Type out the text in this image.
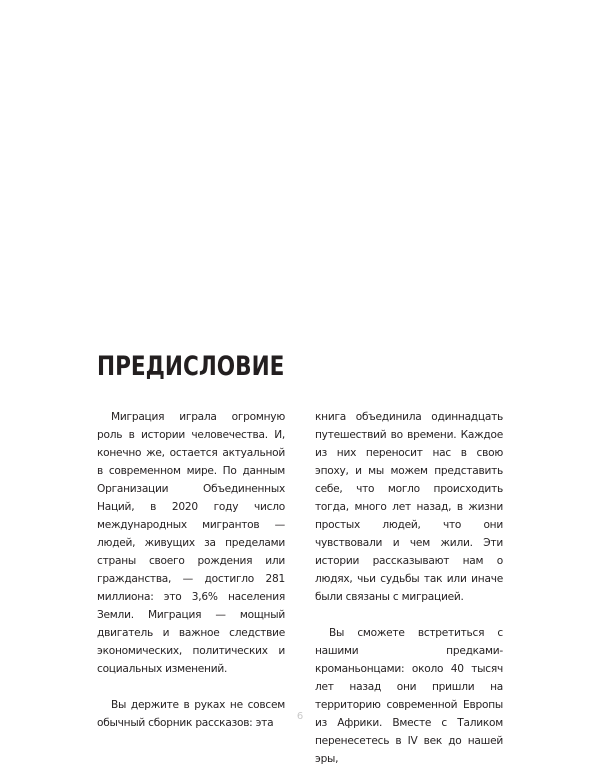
ПРЕДИСЛОВИЕ

Миграция играла огромную роль в истории человечества. И, конечно же, остается актуальной в современном мире. По данным Организации Объединенных Наций, в 2020 году число международных мигрантов — людей, живущих за пределами страны своего рождения или гражданства, — достигло 281 миллиона: это 3,6% населения Земли. Миграция — мощный двигатель и важное следствие экономических, политических и социальных изменений.

Вы держите в руках не совсем обычный сборник рассказов: эта

книга объединила одиннадцать путешествий во времени. Каждое из них переносит нас в свою эпоху, и мы можем представить себе, что могло происходить тогда, много лет назад, в жизни простых людей, что они чувствовали и чем жили. Эти истории рассказывают нам о людях, чьи судьбы так или иначе были связаны с миграцией.

Вы сможете встретиться с нашими предками-кроманьонцами: около 40 тысяч лет назад они пришли на территорию современной Европы из Африки. Вместе с Таликом перенесетесь в IV век до нашей эры,

6
